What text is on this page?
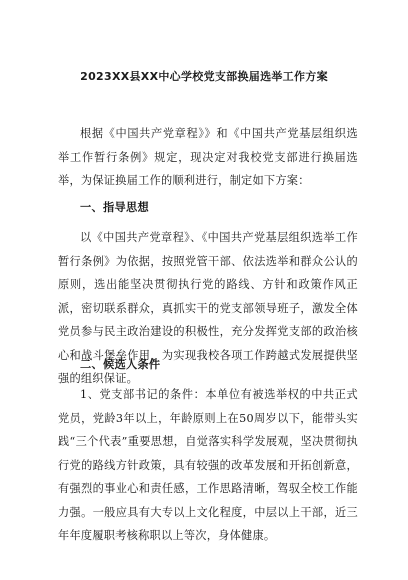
2023XX县XX中心学校党支部换届选举工作方案

根据《中国共产党章程》》和《中国共产党基层组织选举工作暂行条例》规定，现决定对我校党支部进行换届选举，为保证换届工作的顺利进行，制定如下方案：

一、指导思想

以《中国共产党章程》、《中国共产党基层组织选举工作暂行条例》为依据，按照党管干部、依法选举和群众公认的原则，选出能坚决贯彻执行党的路线、方针和政策作风正派，密切联系群众，真抓实干的党支部领导班子，激发全体党员参与民主政治建设的积极性，充分发挥党支部的政治核心和战斗堡垒作用，为实现我校各项工作跨越式发展提供坚强的组织保证。

二、候选人条件

1、党支部书记的条件：本单位有被选举权的中共正式党员，党龄3年以上，年龄原则上在50周岁以下，能带头实践“三个代表”重要思想，自觉落实科学发展观，坚决贯彻执行党的路线方针政策，具有较强的改革发展和开拓创新意，有强烈的事业心和责任感，工作思路清晰，驾驭全校工作能力强。一般应具有大专以上文化程度，中层以上干部，近三年年度履职考核称职以上等次，身体健康。
